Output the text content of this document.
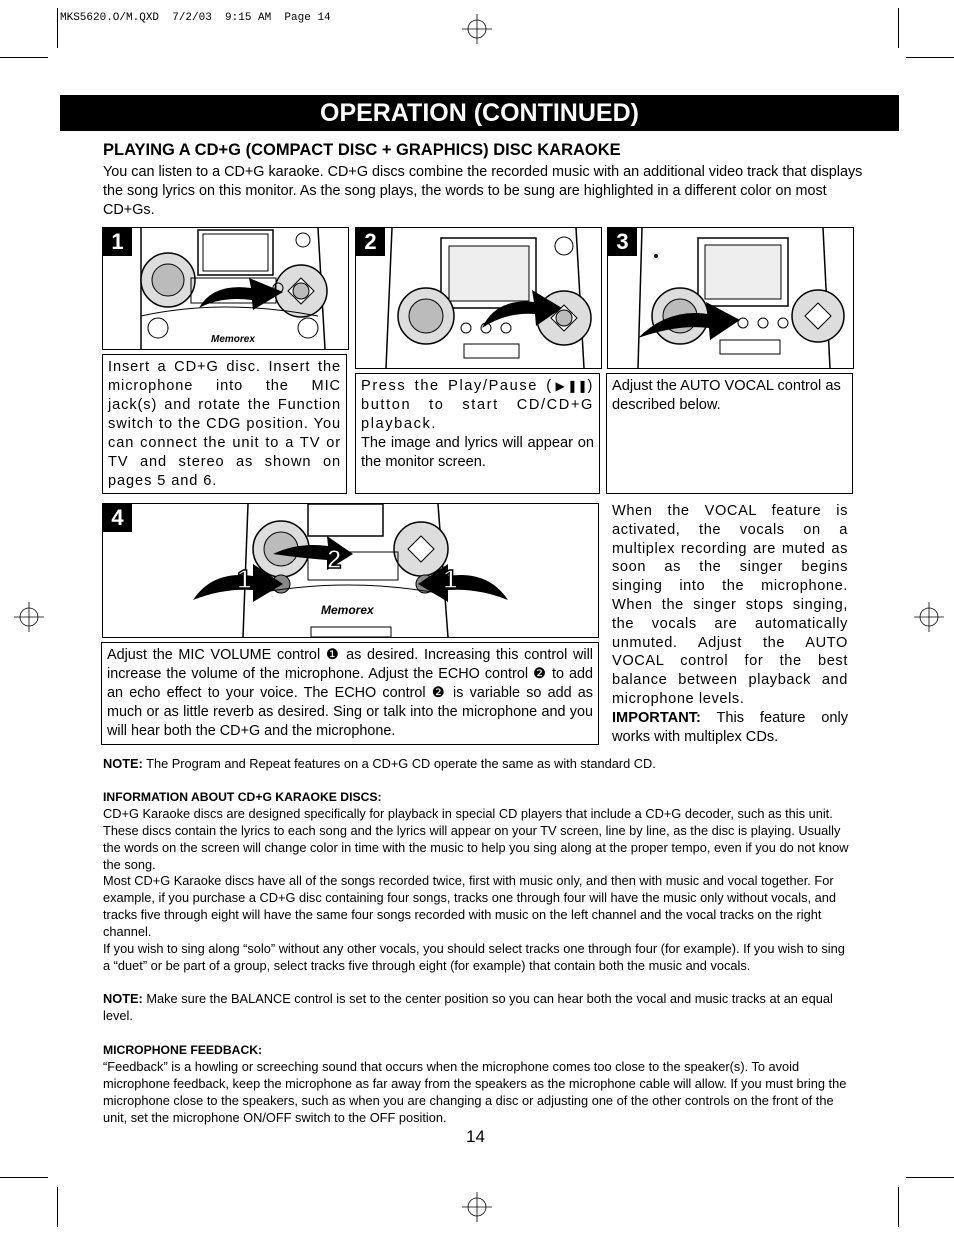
MKS5620.O/M.QXD  7/2/03  9:15 AM  Page 14
OPERATION (CONTINUED)
PLAYING A CD+G (COMPACT DISC + GRAPHICS) DISC KARAOKE
You can listen to a CD+G karaoke. CD+G discs combine the recorded music with an additional video track that displays the song lyrics on this monitor. As the song plays, the words to be sung are highlighted in a different color on most CD+Gs.
Memorex
1
Insert a CD+G disc. Insert the microphone into the MIC jack(s) and rotate the Function switch to the CDG position. You can connect the unit to a TV or TV and stereo as shown on pages 5 and 6.
2
Press the Play/Pause (▶❚❚) button to start CD/CD+G playback.
The image and lyrics will appear on the monitor screen.
3
Adjust the AUTO VOCAL control as described below.
Memorex
4
1
2
1
Adjust the MIC VOLUME control ❶ as desired. Increasing this control will increase the volume of the microphone. Adjust the ECHO control ❷ to add an echo effect to your voice. The ECHO control ❷ is variable so add as much or as little reverb as desired. Sing or talk into the microphone and you will hear both the CD+G and the microphone.
When the VOCAL feature is activated, the vocals on a multiplex recording are muted as soon as the singer begins singing into the microphone. When the singer stops singing, the vocals are automatically unmuted. Adjust the AUTO VOCAL control for the best balance between playback and microphone levels.
IMPORTANT: This feature only works with multiplex CDs.
NOTE: The Program and Repeat features on a CD+G CD operate the same as with standard CD.
INFORMATION ABOUT CD+G KARAOKE DISCS:
CD+G Karaoke discs are designed specifically for playback in special CD players that include a CD+G decoder, such as this unit. These discs contain the lyrics to each song and the lyrics will appear on your TV screen, line by line, as the disc is playing. Usually the words on the screen will change color in time with the music to help you sing along at the proper tempo, even if you do not know the song.
Most CD+G Karaoke discs have all of the songs recorded twice, first with music only, and then with music and vocal together. For example, if you purchase a CD+G disc containing four songs, tracks one through four will have the music only without vocals, and tracks five through eight will have the same four songs recorded with music on the left channel and the vocal tracks on the right channel.
If you wish to sing along “solo” without any other vocals, you should select tracks one through four (for example). If you wish to sing a “duet” or be part of a group, select tracks five through eight (for example) that contain both the music and vocals.
NOTE: Make sure the BALANCE control is set to the center position so you can hear both the vocal and music tracks at an equal level.
MICROPHONE FEEDBACK:
“Feedback” is a howling or screeching sound that occurs when the microphone comes too close to the speaker(s). To avoid microphone feedback, keep the microphone as far away from the speakers as the microphone cable will allow. If you must bring the microphone close to the speakers, such as when you are changing a disc or adjusting one of the other controls on the front of the unit, set the microphone ON/OFF switch to the OFF position.
14
